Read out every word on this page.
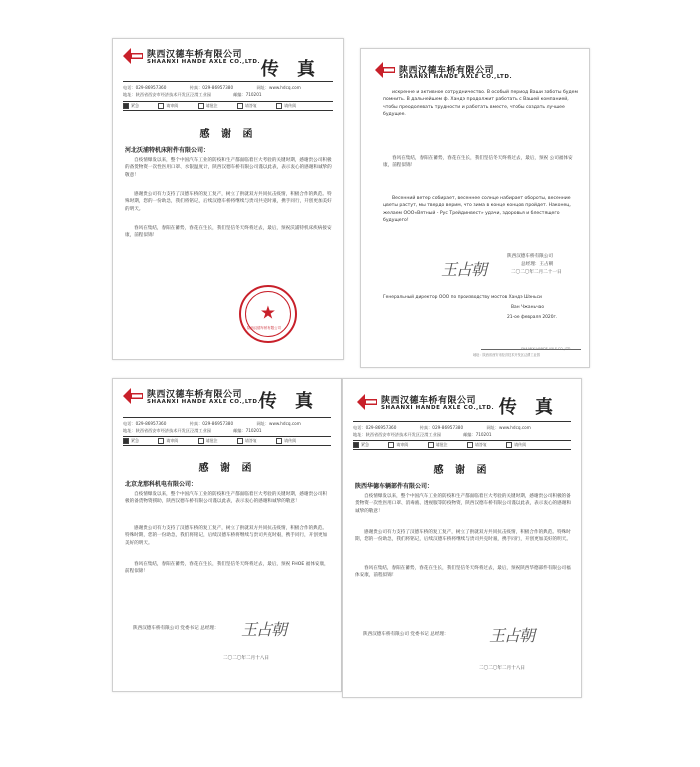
陕西汉德车桥有限公司
SHAANXI HANDE AXLE CO.,LTD. 传 真
电话：029-86957360	传真：029-86957380	网址：www.hdcq.com
地址：陕西省西安市经济技术开发区泾渭工业园	邮编：710201
紧急	请审阅	请批注	请答复	请传阅
感 谢 函
河北沃浦特机床附件有限公司：
自疫情爆发以来，整个中国汽车工业的防疫和生产都面临着巨大考验的关键时期，感谢贵公司积极的备货物资一次性医用口罩、水银温度计，陕西汉德车桥有限公司谨以此表，表示衷心的感谢和诚挚的敬意！
感谢贵公司有力支持了汉德车桥的复工复产，树立了供就双方共同抗击疫情，积极合作的典范。特殊时期，您的一份助急，我们将铭记，后续汉德车桥将继续与贵司共克时艰，携手同行，开创更加美好的明天。
春风在集结，春阳在蓄势，春花在生长，我们坚信冬天终将过去，最后，预祝沃浦特机床疾病接安康，前程似锦！
★
陕西汉德车桥有限公司
陕西汉德车桥有限公司
SHAANXI HANDE AXLE CO.,LTD.
искренне и активное сотрудничество. В особый период Ваши заботы будем помнить. В дальнейшем ф. Хандэ продолжит работать с Вашей компанией, чтобы преодолевать трудности и работать вместе, чтобы создать лучшее будущее.
春风在集结，春阳在蓄势，春花在生长，我们坚信冬天终将过去，最后，预祝 公司福体安康，前程似锦！
Весенний ветер собирает, весеннее солнце набирает обороты, весенние цветы растут, мы твердо верим, что зима в конце концов пройдет. Наконец, желаем ООО«Вятный - Рус Трейдинвест» удачи, здоровья и блестящего будущего!
王占朝
陕西汉德车桥有限公司
总经理：王占朝
二〇二〇年二月二十一日
Генеральный директор ООО по производству мостов Хандэ Шэньси
Ван Чжаньчао
21-ое февраля 2020г.
地址：陕西省西安市经济技术开发区泾渭工业园
SHAANXI HANDE AXLE CO.,LTD.
陕西汉德车桥有限公司
SHAANXI HANDE AXLE CO.,LTD.
传 真
电话：029-86957360	传真：029-86957380	网址：www.hdcq.com
地址：陕西省西安市经济技术开发区泾渭工业园	邮编：710201
紧急	请审阅	请批注	请答复	请传阅
感 谢 函
北京龙那科机电有限公司：
自疫情爆发以来，整个中国汽车工业的防疫和生产都面临着巨大考验的关键时期，感谢贵公司积极的备货物资援助，陕西汉德车桥有限公司谨以此表，表示衷心的感谢和诚挚的敬意！
感谢贵公司有力支持了汉德车桥的复工复产，树立了供就双方共同抗击疫情，积极合作的典范。特殊时期，您的一份助急，我们将铭记，后续汉德车桥将继续与贵司共克时艰，携手同行，开创更加美好的明天。
春风在集结，春阳在蓄势，春花在生长，我们坚信冬天终将过去，最后，预祝 FHOE 福体安康，前程似锦！
陕西汉德车桥有限公司 党委书记 总经理： 王占朝
二〇二〇年二月十八日
陕西汉德车桥有限公司
SHAANXI HANDE AXLE CO.,LTD. 传 真
电话：029-86957360	传真：029-86957380	网址：www.hdcq.com
地址：陕西省西安市经济技术开发区泾渭工业园	邮编：710201
紧急	请审阅	请批注	请答复	请传阅
感 谢 函
陕西华德车辆部件有限公司：
自疫情爆发以来，整个中国汽车工业的防疫和生产都面临着巨大考验的关键时期，感谢贵公司积极的备货物资一次性医用口罩、消毒液、透视服等防疫物资，陕西汉德车桥有限公司谨以此表，表示衷心的感谢和诚挚的敬意！
感谢贵公司有力支持了汉德车桥的复工复产，树立了供就双方共同抗击疫情，积极合作的典范。特殊时期，您的一份助急，我们将铭记，后续汉德车桥将继续与贵司共克时艰，携手同行，开创更加美好的明天。
春风在集结，春阳在蓄势，春花在生长，我们坚信冬天终将过去，最后，预祝陕西华德部件有限公司福体安康，前程似锦！
陕西汉德车桥有限公司 党委书记 总经理：	王占朝
二〇二〇年二月十八日
